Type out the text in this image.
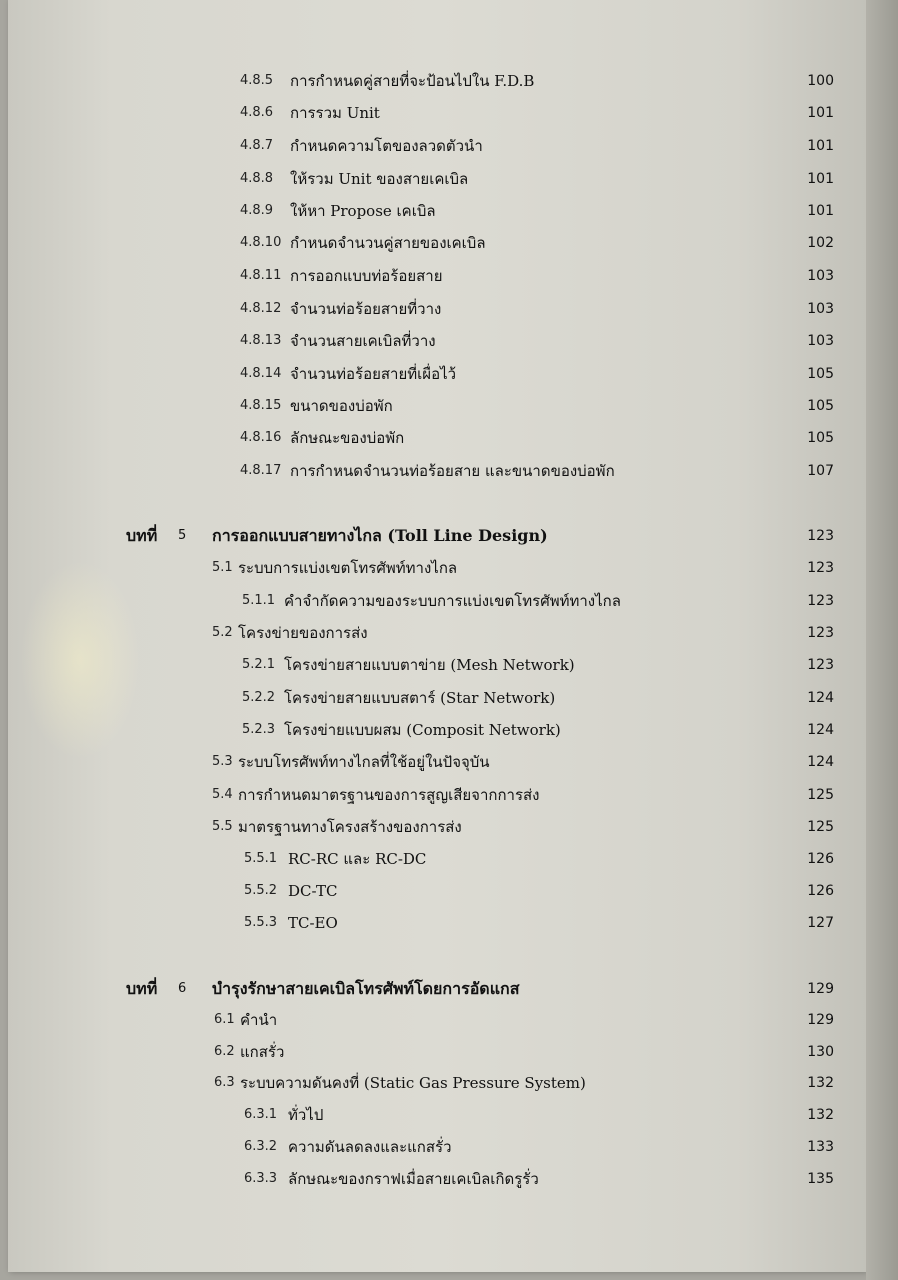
4.8.5 การกำหนดคู่สายที่จะป้อนไปใน F.D.B	100
4.8.6 การรวม Unit	101
4.8.7 กำหนดความโตของลวดตัวนำ	101
4.8.8 ให้รวม Unit ของสายเคเบิล	101
4.8.9 ให้หา Propose เคเบิล	101
4.8.10 กำหนดจำนวนคู่สายของเคเบิล	102
4.8.11 การออกแบบท่อร้อยสาย	103
4.8.12 จำนวนท่อร้อยสายที่วาง	103
4.8.13 จำนวนสายเคเบิลที่วาง	103
4.8.14 จำนวนท่อร้อยสายที่เผื่อไว้	105
4.8.15 ขนาดของบ่อพัก	105
4.8.16 ลักษณะของบ่อพัก	105
4.8.17 การกำหนดจำนวนท่อร้อยสาย และขนาดของบ่อพัก	107
บทที่ 5 การออกแบบสายทางไกล (Toll Line Design)	123
5.1 ระบบการแบ่งเขตโทรศัพท์ทางไกล	123
5.1.1 คำจำกัดความของระบบการแบ่งเขตโทรศัพท์ทางไกล	123
5.2 โครงข่ายของการส่ง	123
5.2.1 โครงข่ายสายแบบตาข่าย (Mesh Network)	123
5.2.2 โครงข่ายสายแบบสตาร์ (Star Network)	124
5.2.3 โครงข่ายแบบผสม (Composit Network)	124
5.3 ระบบโทรศัพท์ทางไกลที่ใช้อยู่ในปัจจุบัน	124
5.4 การกำหนดมาตรฐานของการสูญเสียจากการส่ง	125
5.5 มาตรฐานทางโครงสร้างของการส่ง	125
5.5.1 RC-RC และ RC-DC	126
5.5.2 DC-TC	126
5.5.3 TC-EO	127
บทที่ 6 บำรุงรักษาสายเคเบิลโทรศัพท์โดยการอัดแกส	129
6.1 คำนำ	129
6.2 แกสรั่ว	130
6.3 ระบบความดันคงที่ (Static Gas Pressure System)	132
6.3.1 ทั่วไป	132
6.3.2 ความดันลดลงและแกสรั่ว	133
6.3.3 ลักษณะของกราฟเมื่อสายเคเบิลเกิดรูรั่ว	135
